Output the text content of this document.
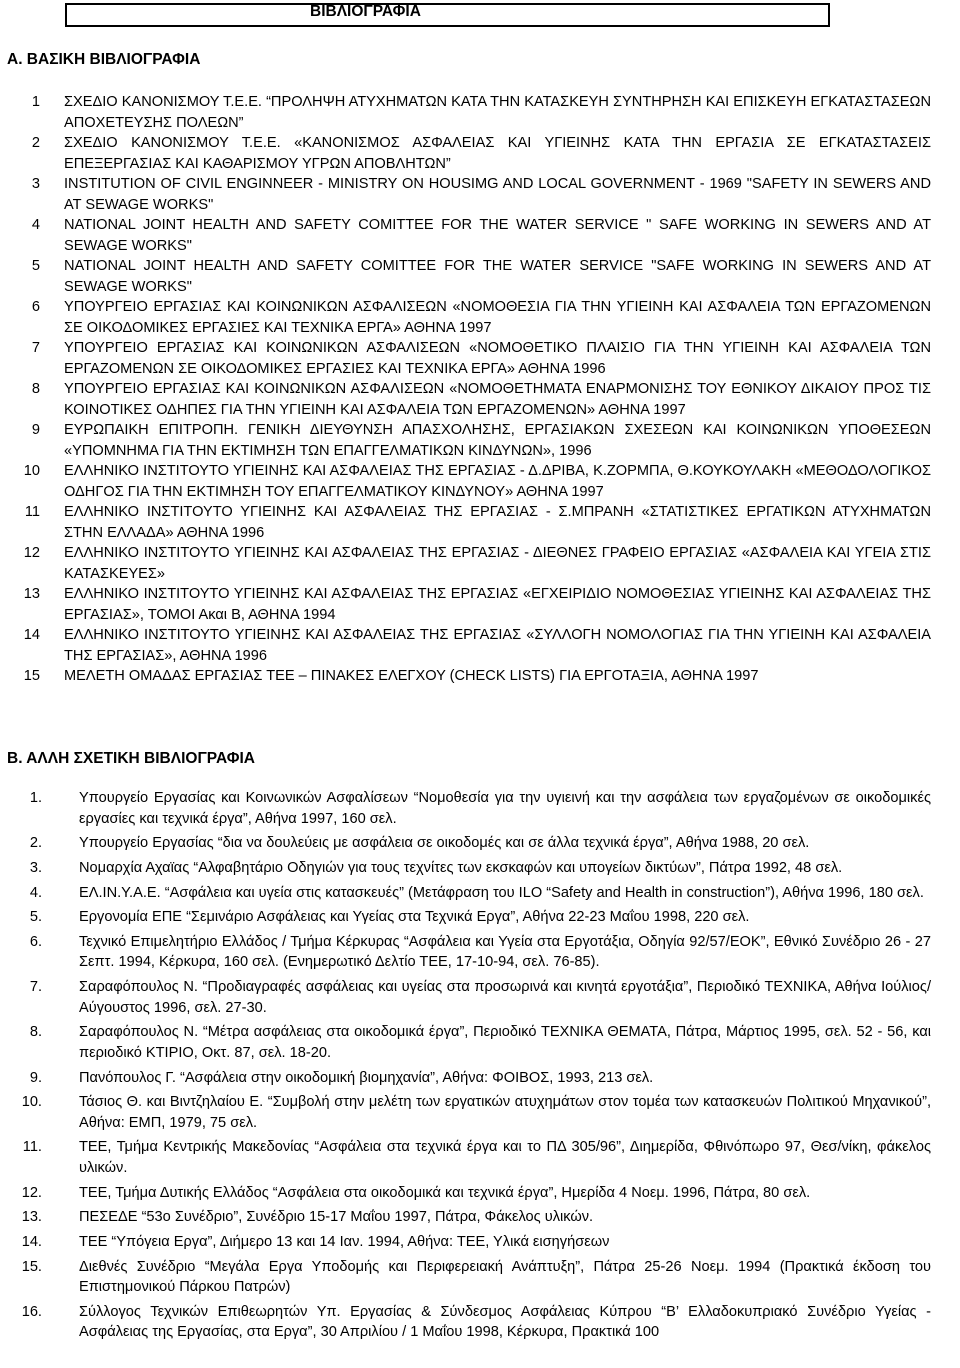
ΒΙΒΛΙΟΓΡΑΦΙΑ
Α. ΒΑΣΙΚΗ ΒΙΒΛΙΟΓΡΑΦΙΑ
1 ΣΧΕΔΙΟ ΚΑΝΟΝΙΣΜΟΥ Τ.Ε.Ε. “ΠΡΟΛΗΨΗ ΑΤΥΧΗΜΑΤΩΝ ΚΑΤΑ ΤΗΝ ΚΑΤΑΣΚΕΥΗ ΣΥΝΤΗΡΗΣΗ ΚΑΙ ΕΠΙΣΚΕΥΗ ΕΓΚΑΤΑΣΤΑΣΕΩΝ ΑΠΟΧΕΤΕΥΣΗΣ ΠΟΛΕΩΝ”
2 ΣΧΕΔΙΟ ΚΑΝΟΝΙΣΜΟΥ Τ.Ε.Ε. «ΚΑΝΟΝΙΣΜΟΣ ΑΣΦΑΛΕΙΑΣ ΚΑΙ ΥΓΙΕΙΝΗΣ ΚΑΤΑ ΤΗΝ ΕΡΓΑΣΙΑ ΣΕ ΕΓΚΑΤΑΣΤΑΣΕΙΣ ΕΠΕΞΕΡΓΑΣΙΑΣ ΚΑΙ ΚΑΘΑΡΙΣΜΟΥ ΥΓΡΩΝ ΑΠΟΒΛΗΤΩΝ”
3 INSTITUTION OF CIVIL ENGINNEER - MINISTRY ON HOUSIMG AND LOCAL GOVERNMENT - 1969 "SAFETY IN SEWERS AND AT SEWAGE WORKS"
4 NATIONAL JOINT HEALTH AND SAFETY COMITTEE FOR THE WATER SERVICE " SAFE WORKING IN SEWERS AND AT SEWAGE WORKS"
5 NATIONAL JOINT HEALTH AND SAFETY COMITTEE FOR THE WATER SERVICE "SAFE WORKING IN SEWERS AND AT SEWAGE WORKS"
6 ΥΠΟΥΡΓΕΙΟ ΕΡΓΑΣΙΑΣ ΚΑΙ ΚΟΙΝΩΝΙΚΩΝ ΑΣΦΑΛΙΣΕΩΝ «ΝΟΜΟΘΕΣΙΑ ΓΙΑ ΤΗΝ ΥΓΙΕΙΝΗ ΚΑΙ ΑΣΦΑΛΕΙΑ ΤΩΝ ΕΡΓΑΖΟΜΕΝΩΝ ΣΕ ΟΙΚΟΔΟΜΙΚΕΣ ΕΡΓΑΣΙΕΣ ΚΑΙ ΤΕΧΝΙΚΑ ΕΡΓΑ» ΑΘΗΝΑ 1997
7 ΥΠΟΥΡΓΕΙΟ ΕΡΓΑΣΙΑΣ ΚΑΙ ΚΟΙΝΩΝΙΚΩΝ ΑΣΦΑΛΙΣΕΩΝ «ΝΟΜΟΘΕΤΙΚΟ ΠΛΑΙΣΙΟ ΓΙΑ ΤΗΝ ΥΓΙΕΙΝΗ ΚΑΙ ΑΣΦΑΛΕΙΑ ΤΩΝ ΕΡΓΑΖΟΜΕΝΩΝ ΣΕ ΟΙΚΟΔΟΜΙΚΕΣ ΕΡΓΑΣΙΕΣ ΚΑΙ ΤΕΧΝΙΚΑ ΕΡΓΑ» ΑΘΗΝΑ 1996
8 ΥΠΟΥΡΓΕΙΟ ΕΡΓΑΣΙΑΣ ΚΑΙ ΚΟΙΝΩΝΙΚΩΝ ΑΣΦΑΛΙΣΕΩΝ «ΝΟΜΟΘΕΤΗΜΑΤΑ ΕΝΑΡΜΟΝΙΣΗΣ ΤΟΥ ΕΘΝΙΚΟΥ ΔΙΚΑΙΟΥ ΠΡΟΣ ΤΙΣ ΚΟΙΝΟΤΙΚΕΣ ΟΔΗΠΕΣ ΓΙΑ ΤΗΝ ΥΓΙΕΙΝΗ ΚΑΙ ΑΣΦΑΛΕΙΑ ΤΩΝ ΕΡΓΑΖΟΜΕΝΩΝ» ΑΘΗΝΑ 1997
9 ΕΥΡΩΠΑΙΚΗ ΕΠΙΤΡΟΠΗ. ΓΕΝΙΚΗ ΔΙΕΥΘΥΝΣΗ ΑΠΑΣΧΟΛΗΣΗΣ, ΕΡΓΑΣΙΑΚΩΝ ΣΧΕΣΕΩΝ ΚΑΙ ΚΟΙΝΩΝΙΚΩΝ ΥΠΟΘΕΣΕΩΝ «ΥΠΟΜΝΗΜΑ ΓΙΑ ΤΗΝ ΕΚΤΙΜΗΣΗ ΤΩΝ ΕΠΑΓΓΕΛΜΑΤΙΚΩΝ ΚΙΝΔΥΝΩΝ», 1996
10 ΕΛΛΗΝΙΚΟ ΙΝΣΤΙΤΟΥΤΟ ΥΓΙΕΙΝΗΣ ΚΑΙ ΑΣΦΑΛΕΙΑΣ ΤΗΣ ΕΡΓΑΣΙΑΣ - Δ.ΔΡΙΒΑ, Κ.ΖΟΡΜΠΑ, Θ.ΚΟΥΚΟΥΛΑΚΗ «ΜΕΘΟΔΟΛΟΓΙΚΟΣ ΟΔΗΓΟΣ ΓΙΑ ΤΗΝ ΕΚΤΙΜΗΣΗ ΤΟΥ ΕΠΑΓΓΕΛΜΑΤΙΚΟΥ ΚΙΝΔΥΝΟΥ» ΑΘΗΝΑ 1997
11 ΕΛΛΗΝΙΚΟ ΙΝΣΤΙΤΟΥΤΟ ΥΓΙΕΙΝΗΣ ΚΑΙ ΑΣΦΑΛΕΙΑΣ ΤΗΣ ΕΡΓΑΣΙΑΣ - Σ.ΜΠΡΑΝΗ «ΣΤΑΤΙΣΤΙΚΕΣ ΕΡΓΑΤΙΚΩΝ ΑΤΥΧΗΜΑΤΩΝ ΣΤΗΝ ΕΛΛΑΔΑ» ΑΘΗΝΑ 1996
12 ΕΛΛΗΝΙΚΟ ΙΝΣΤΙΤΟΥΤΟ ΥΓΙΕΙΝΗΣ ΚΑΙ ΑΣΦΑΛΕΙΑΣ ΤΗΣ ΕΡΓΑΣΙΑΣ - ΔΙΕΘΝΕΣ ΓΡΑΦΕΙΟ ΕΡΓΑΣΙΑΣ «ΑΣΦΑΛΕΙΑ ΚΑΙ ΥΓΕΙΑ ΣΤΙΣ ΚΑΤΑΣΚΕΥΕΣ»
13 ΕΛΛΗΝΙΚΟ ΙΝΣΤΙΤΟΥΤΟ ΥΓΙΕΙΝΗΣ ΚΑΙ ΑΣΦΑΛΕΙΑΣ ΤΗΣ ΕΡΓΑΣΙΑΣ «ΕΓΧΕΙΡΙΔΙΟ ΝΟΜΟΘΕΣΙΑΣ ΥΓΙΕΙΝΗΣ ΚΑΙ ΑΣΦΑΛΕΙΑΣ ΤΗΣ ΕΡΓΑΣΙΑΣ», ΤΟΜΟΙ Ακαι Β, ΑΘΗΝΑ 1994
14 ΕΛΛΗΝΙΚΟ ΙΝΣΤΙΤΟΥΤΟ ΥΓΙΕΙΝΗΣ ΚΑΙ ΑΣΦΑΛΕΙΑΣ ΤΗΣ ΕΡΓΑΣΙΑΣ «ΣΥΛΛΟΓΗ ΝΟΜΟΛΟΓΙΑΣ ΓΙΑ ΤΗΝ ΥΓΙΕΙΝΗ ΚΑΙ ΑΣΦΑΛΕΙΑ ΤΗΣ ΕΡΓΑΣΙΑΣ», ΑΘΗΝΑ 1996
15 ΜΕΛΕΤΗ ΟΜΑΔΑΣ ΕΡΓΑΣΙΑΣ ΤΕΕ – ΠΙΝΑΚΕΣ ΕΛΕΓΧΟΥ (CHECK LISTS) ΓΙΑ ΕΡΓΟΤΑΞΙΑ, ΑΘΗΝΑ 1997
Β. ΑΛΛΗ ΣΧΕΤΙΚΗ ΒΙΒΛΙΟΓΡΑΦΙΑ
1.	Υπουργείο Εργασίας και Κοινωνικών Ασφαλίσεων “Νομοθεσία για την υγιεινή και την ασφάλεια των εργαζομένων σε οικοδομικές εργασίες και τεχνικά έργα”, Αθήνα 1997, 160 σελ.
2.	Υπουργείο Εργασίας “δια να δουλεύεις με ασφάλεια σε οικοδομές και σε άλλα τεχνικά έργα”, Αθήνα 1988, 20 σελ.
3.	Νομαρχία Αχαϊας “Αλφαβητάριο Οδηγιών για τους τεχνίτες των εκσκαφών και υπογείων δικτύων”, Πάτρα 1992, 48 σελ.
4.	ΕΛ.ΙΝ.Υ.Α.Ε. “Ασφάλεια και υγεία στις κατασκευές” (Μετάφραση του ILO “Safety and Health in construction”), Αθήνα 1996, 180 σελ.
5.	Εργονομία ΕΠΕ “Σεμινάριο Ασφάλειας και Υγείας στα Τεχνικά Εργα”, Αθήνα 22-23 Μαΐου 1998, 220 σελ.
6.	Τεχνικό Επιμελητήριο Ελλάδος / Τμήμα Κέρκυρας “Ασφάλεια και Υγεία στα Εργοτάξια, Οδηγία 92/57/ΕΟΚ”, Εθνικό Συνέδριο 26 - 27 Σεπτ. 1994, Κέρκυρα, 160 σελ. (Ενημερωτικό Δελτίο ΤΕΕ, 17-10-94, σελ. 76-85).
7.	Σαραφόπουλος Ν. “Προδιαγραφές ασφάλειας και υγείας στα προσωρινά και κινητά εργοτάξια”, Περιοδικό ΤΕΧΝΙΚΑ, Αθήνα Ιούλιος/Αύγουστος 1996, σελ. 27-30.
8.	Σαραφόπουλος Ν. “Μέτρα ασφάλειας στα οικοδομικά έργα”, Περιοδικό ΤΕΧΝΙΚΑ ΘΕΜΑΤΑ, Πάτρα, Μάρτιος 1995, σελ. 52 - 56, και περιοδικό ΚΤΙΡΙΟ, Οκτ. 87, σελ. 18-20.
9.	Πανόπουλος Γ. “Ασφάλεια στην οικοδομική βιομηχανία”, Αθήνα: ΦΟΙΒΟΣ, 1993, 213 σελ.
10.	Τάσιος Θ. και Βιντζηλαίου Ε. “Συμβολή στην μελέτη των εργατικών ατυχημάτων στον τομέα των κατασκευών Πολιτικού Μηχανικού”, Αθήνα: ΕΜΠ, 1979, 75 σελ.
11.	ΤΕΕ, Τμήμα Κεντρικής Μακεδονίας “Ασφάλεια στα τεχνικά έργα και το ΠΔ 305/96”, Διημερίδα, Φθινόπωρο 97, Θεσ/νίκη, φάκελος υλικών.
12.	ΤΕΕ, Τμήμα Δυτικής Ελλάδος “Ασφάλεια στα οικοδομικά και τεχνικά έργα”, Ημερίδα 4 Νοεμ. 1996, Πάτρα, 80 σελ.
13.	ΠΕΣΕΔΕ “53ο Συνέδριο”, Συνέδριο 15-17 Μαΐου 1997, Πάτρα, Φάκελος υλικών.
14.	ΤΕΕ “Υπόγεια Εργα”, Διήμερο 13 και 14 Ιαν. 1994, Αθήνα: ΤΕΕ, Υλικά εισηγήσεων
15.	Διεθνές Συνέδριο “Μεγάλα Εργα Υποδομής και Περιφερειακή Ανάπτυξη”, Πάτρα 25-26 Νοεμ. 1994 (Πρακτικά έκδοση του Επιστημονικού Πάρκου Πατρών)
16.	Σύλλογος Τεχνικών Επιθεωρητών Υπ. Εργασίας & Σύνδεσμος Ασφάλειας Κύπρου “Β’ Ελλαδοκυπριακό Συνέδριο Υγείας - Ασφάλειας της Εργασίας, στα Εργα”, 30 Απριλίου / 1 Μαΐου 1998, Κέρκυρα, Πρακτικά 100
